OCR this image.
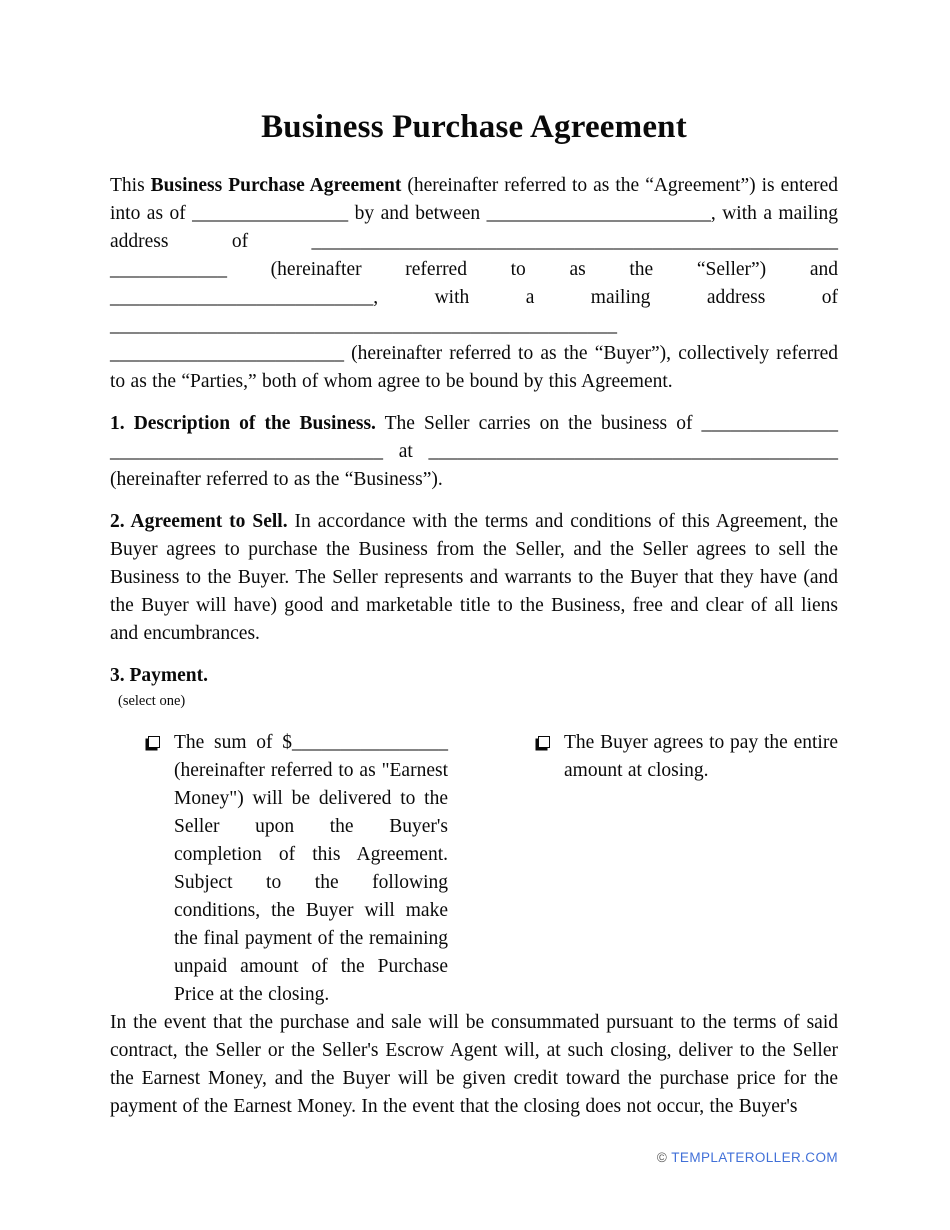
Business Purchase Agreement

This Business Purchase Agreement (hereinafter referred to as the “Agreement”) is entered into as of ________________ by and between _______________________, with a mailing address of ______________________________________________________ ____________ (hereinafter referred to as the “Seller”) and ___________________________, with a mailing address of ____________________________________________________ ________________________ (hereinafter referred to as the “Buyer”), collectively referred to as the “Parties,” both of whom agree to be bound by this Agreement.

1. Description of the Business. The Seller carries on the business of ______________ ____________________________ at __________________________________________ (hereinafter referred to as the “Business”).

2. Agreement to Sell. In accordance with the terms and conditions of this Agreement, the Buyer agrees to purchase the Business from the Seller, and the Seller agrees to sell the Business to the Buyer. The Seller represents and warrants to the Buyer that they have (and the Buyer will have) good and marketable title to the Business, free and clear of all liens and encumbrances.

3. Payment.

(select one)

The sum of $________________ (hereinafter referred to as "Earnest Money") will be delivered to the Seller upon the Buyer's completion of this Agreement. Subject to the following conditions, the Buyer will make the final payment of the remaining unpaid amount of the Purchase Price at the closing.
The Buyer agrees to pay the entire amount at closing.

In the event that the purchase and sale will be consummated pursuant to the terms of said contract, the Seller or the Seller's Escrow Agent will, at such closing, deliver to the Seller the Earnest Money, and the Buyer will be given credit toward the purchase price for the payment of the Earnest Money. In the event that the closing does not occur, the Buyer's

© TEMPLATEROLLER.COM
